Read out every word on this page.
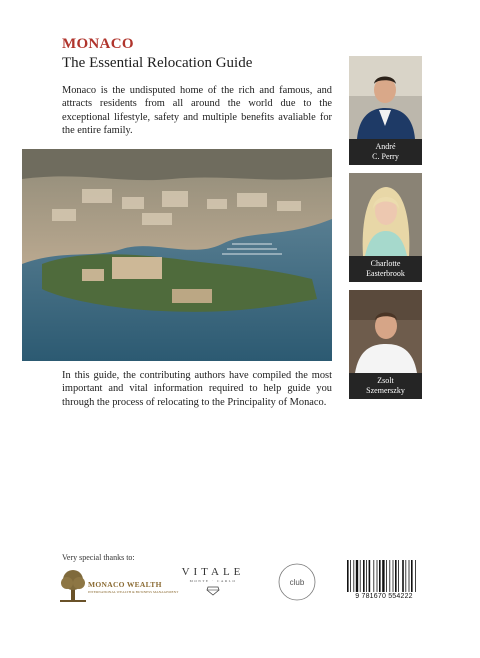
MONACO
The Essential Relocation Guide
Monaco is the undisputed home of the rich and famous, and attracts residents from all around the world due to the exceptional lifestyle, safety and multiple benefits avaliable for the entire family.
In this guide, the contributing authors have compiled the most important and vital information required to help guide you through the process of relocating to the Principality of Monaco.
André
C. Perry
Charlotte
Easterbrook
Zsolt
Szemerszky
Very special thanks to:
MONACO WEALTH
INTERNATIONAL WEALTH & BUSINESS MANAGEMENT
VITALE
MONTE · CARLO	club
9 781670 554222
